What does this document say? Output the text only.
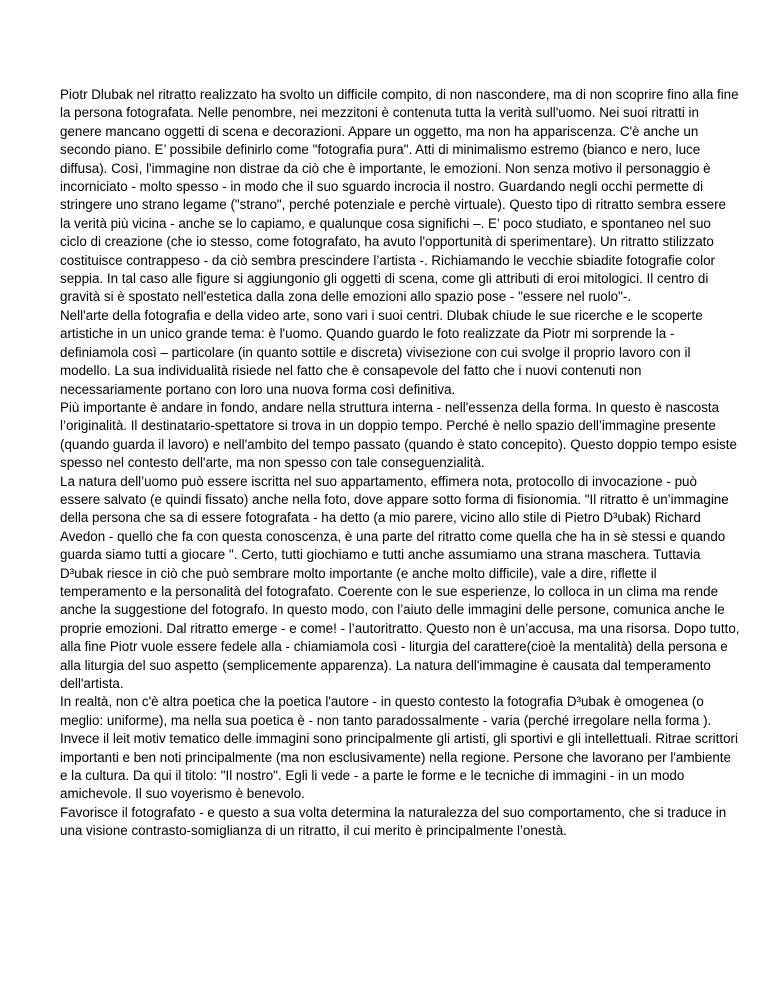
Piotr Dlubak nel ritratto realizzato ha svolto un difficile compito, di non nascondere, ma di non scoprire fino alla fine la persona fotografata. Nelle penombre, nei mezzitoni è contenuta tutta la verità sull'uomo. Nei suoi ritratti in genere mancano oggetti di scena e decorazioni. Appare un oggetto, ma non ha appariscenza. C'è anche un secondo piano. E’ possibile definirlo come "fotografia pura". Atti di minimalismo estremo (bianco e nero, luce diffusa). Così, l'immagine non distrae da ciò che è importante, le emozioni. Non senza motivo il personaggio è incorniciato - molto spesso - in modo che il suo sguardo incrocia il nostro. Guardando negli occhi permette di stringere uno strano legame ("strano", perché potenziale e perchè virtuale). Questo tipo di ritratto sembra essere la verità più vicina - anche se lo capiamo, e qualunque cosa significhi –. E’ poco studiato, e spontaneo nel suo ciclo di creazione (che io stesso, come fotografato, ha avuto l'opportunità di sperimentare). Un ritratto stilizzato costituisce contrappeso - da ciò sembra prescindere l’artista -. Richiamando le vecchie sbiadite fotografie color seppia. In tal caso alle figure si aggiungonio gli oggetti di scena, come gli attributi di eroi mitologici. Il centro di gravità si è spostato nell'estetica dalla zona delle emozioni allo spazio pose - "essere nel ruolo"-.

Nell'arte della fotografia e della video arte, sono vari i suoi centri. Dlubak chiude le sue ricerche e le scoperte artistiche in un unico grande tema: è l'uomo. Quando guardo le foto realizzate da Piotr mi sorprende la - definiamola così – particolare (in quanto sottile e discreta) vivisezione con cui svolge il proprio lavoro con il modello. La sua individualità risiede nel fatto che è consapevole del fatto che i nuovi contenuti non necessariamente portano con loro una nuova forma così definitiva.

Più importante è andare in fondo, andare nella struttura interna - nell'essenza della forma. In questo è nascosta l’originalità. Il destinatario-spettatore si trova in un doppio tempo. Perché è nello spazio dell’immagine presente (quando guarda il lavoro) e nell'ambito del tempo passato (quando è stato concepito). Questo doppio tempo esiste spesso nel contesto dell'arte, ma non spesso con tale conseguenzialità.

La natura dell’uomo può essere iscritta nel suo appartamento, effimera nota, protocollo di invocazione - può essere salvato (e quindi fissato) anche nella foto, dove appare sotto forma di fisionomia. "Il ritratto è un’immagine della persona che sa di essere fotografata - ha detto (a mio parere, vicino allo stile di Pietro D³ubak) Richard Avedon - quello che fa con questa conoscenza, è una parte del ritratto come quella che ha in sè stessi e quando guarda siamo tutti a giocare ". Certo, tutti giochiamo e tutti anche assumiamo una strana maschera. Tuttavia D³ubak riesce in ciò che può sembrare molto importante (e anche molto difficile), vale a dire, riflette il temperamento e la personalità del fotografato. Coerente con le sue esperienze, lo colloca in un clima ma rende anche la suggestione del fotografo. In questo modo, con l’aiuto delle immagini delle persone, comunica anche le proprie emozioni. Dal ritratto emerge - e come! - l’autoritratto. Questo non è un’accusa, ma una risorsa. Dopo tutto, alla fine Piotr vuole essere fedele alla - chiamiamola così - liturgia del carattere(cioè la mentalità) della persona e alla liturgia del suo aspetto (semplicemente apparenza). La natura dell'immagine è causata dal temperamento dell'artista.

In realtà, non c'è altra poetica che la poetica l'autore - in questo contesto la fotografia D³ubak è omogenea (o meglio: uniforme), ma nella sua poetica è - non tanto paradossalmente - varia (perché irregolare nella forma ). Invece il leit motiv tematico delle immagini sono principalmente gli artisti, gli sportivi e gli intellettuali. Ritrae scrittori importanti e ben noti principalmente (ma non esclusivamente) nella regione. Persone che lavorano per l'ambiente e la cultura. Da qui il titolo: "Il nostro". Egli li vede - a parte le forme e le tecniche di immagini - in un modo amichevole. Il suo voyerismo è benevolo.

Favorisce il fotografato - e questo a sua volta determina la naturalezza del suo comportamento, che si traduce in una visione contrasto-somiglianza di un ritratto, il cui merito è principalmente l’onestà.
